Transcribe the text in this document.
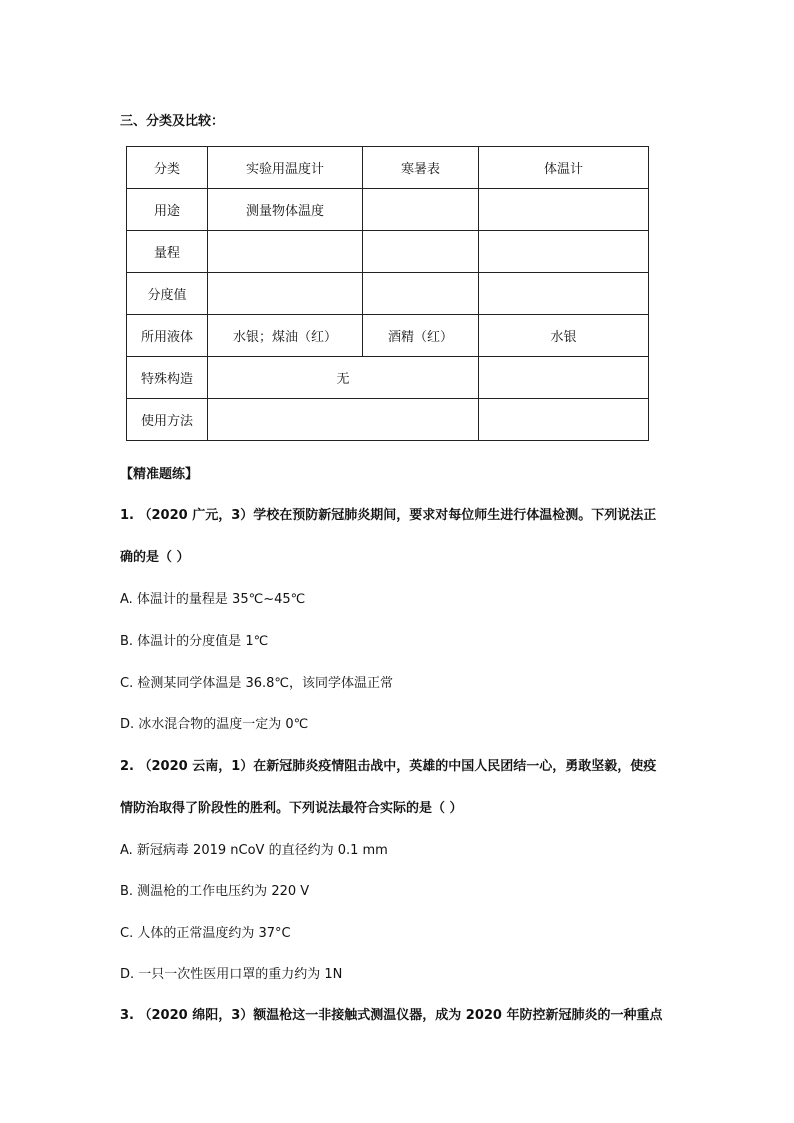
三、分类及比较：
分类	实验用温度计	寒暑表	体温计
用途	测量物体温度		
量程			
分度值			
所用液体	水银；煤油（红）	酒精（红）	水银
特殊构造	无		
使用方法			
【精准题练】
1. （2020 广元，3）学校在预防新冠肺炎期间，要求对每位师生进行体温检测。下列说法正
确的是（ ）
A. 体温计的量程是 35℃~45℃
B. 体温计的分度值是 1℃
C. 检测某同学体温是 36.8℃，该同学体温正常
D. 冰水混合物的温度一定为 0℃
2. （2020 云南，1）在新冠肺炎疫情阻击战中，英雄的中国人民团结一心，勇敢坚毅，使疫
情防治取得了阶段性的胜利。下列说法最符合实际的是（ ）
A. 新冠病毒 2019 nCoV 的直径约为 0.1 mm
B. 测温枪的工作电压约为 220 V
C. 人体的正常温度约为 37°C
D. 一只一次性医用口罩的重力约为 1N
3. （2020 绵阳，3）额温枪这一非接触式测温仪器，成为 2020 年防控新冠肺炎的一种重点
